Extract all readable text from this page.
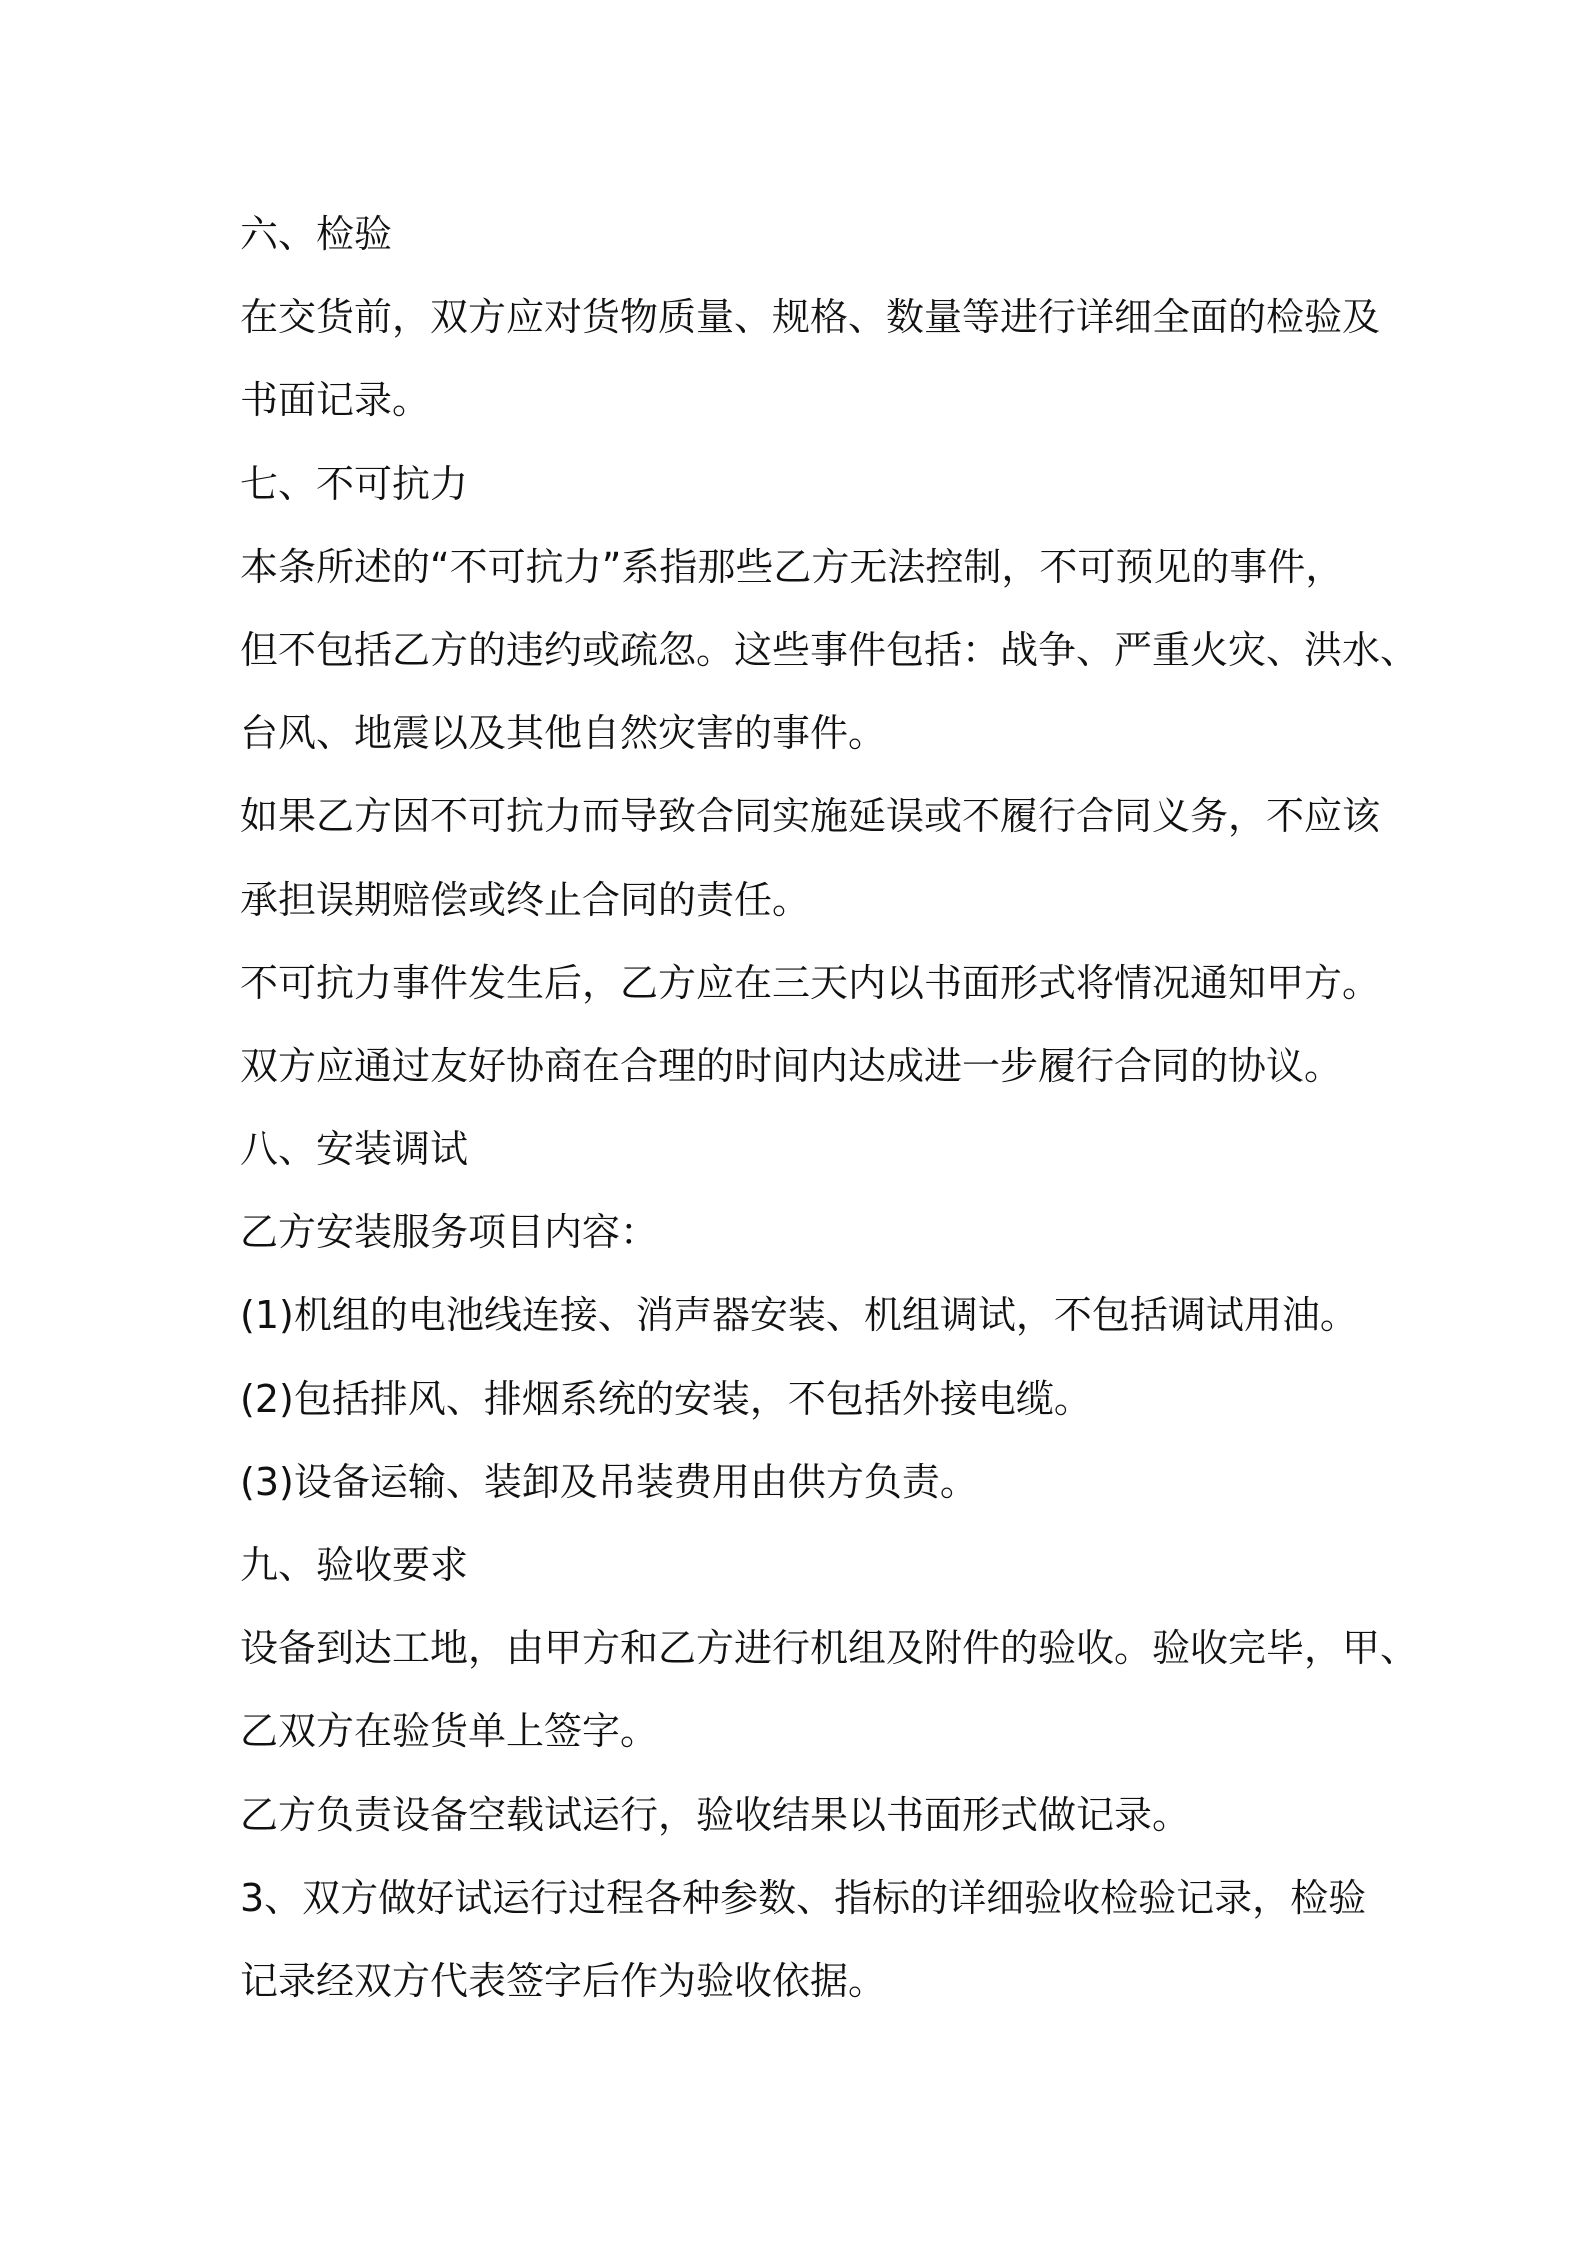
六、检验
在交货前，双方应对货物质量、规格、数量等进行详细全面的检验及
书面记录。
七、不可抗力
本条所述的“不可抗力”系指那些乙方无法控制，不可预见的事件，
但不包括乙方的违约或疏忽。这些事件包括：战争、严重火灾、洪水、
台风、地震以及其他自然灾害的事件。
如果乙方因不可抗力而导致合同实施延误或不履行合同义务，不应该
承担误期赔偿或终止合同的责任。
不可抗力事件发生后，乙方应在三天内以书面形式将情况通知甲方。
双方应通过友好协商在合理的时间内达成进一步履行合同的协议。
八、安装调试
乙方安装服务项目内容：
(1)机组的电池线连接、消声器安装、机组调试，不包括调试用油。
(2)包括排风、排烟系统的安装，不包括外接电缆。
(3)设备运输、装卸及吊装费用由供方负责。
九、验收要求
设备到达工地，由甲方和乙方进行机组及附件的验收。验收完毕，甲、
乙双方在验货单上签字。
乙方负责设备空载试运行，验收结果以书面形式做记录。
3、双方做好试运行过程各种参数、指标的详细验收检验记录，检验
记录经双方代表签字后作为验收依据。
